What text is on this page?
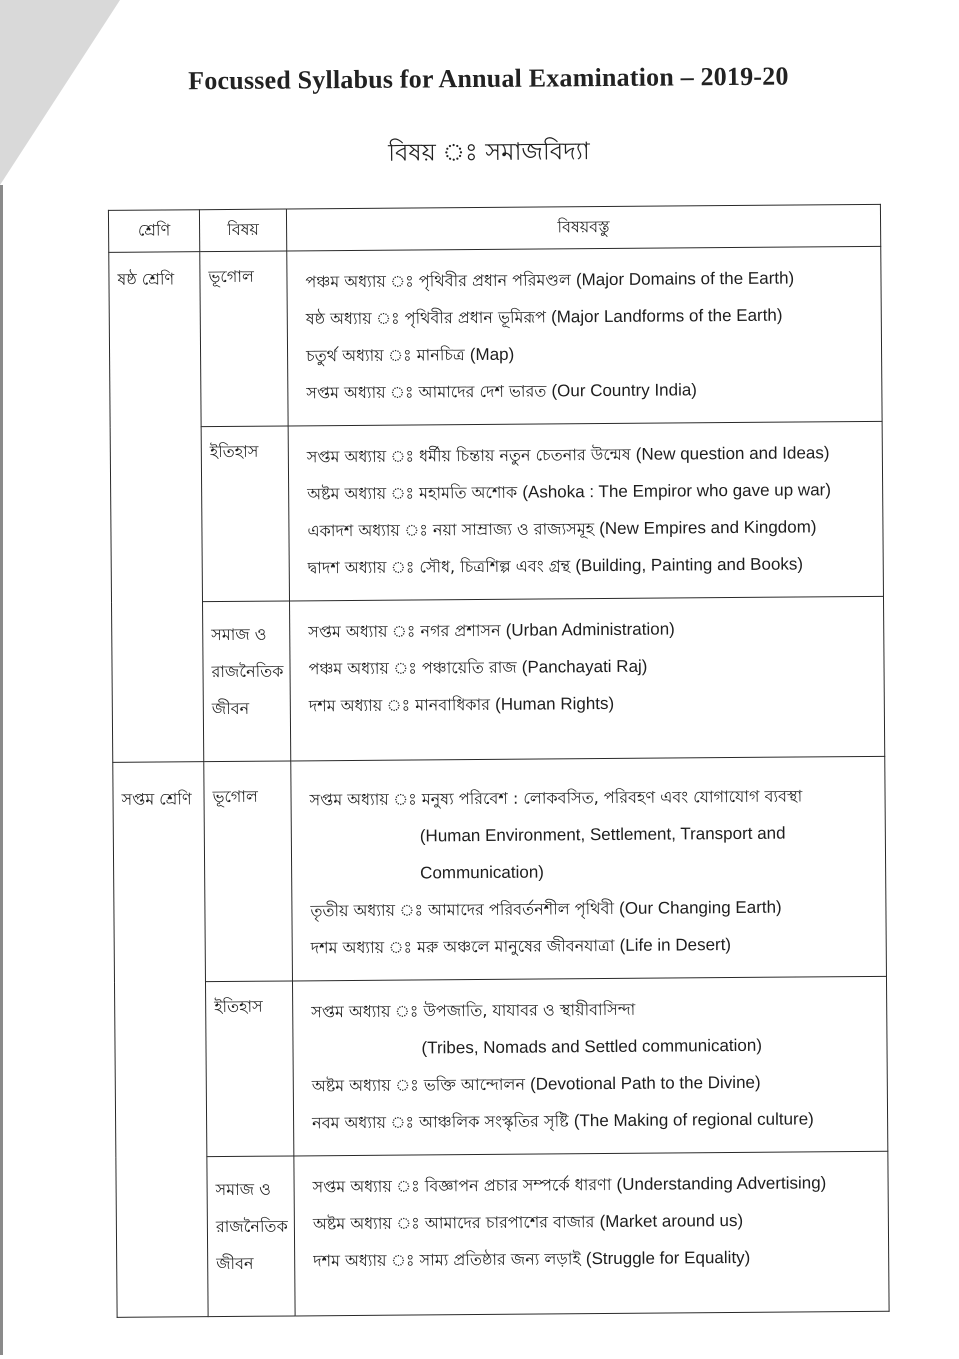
Focussed Syllabus for Annual Examination – 2019-20
বিষয় ঃ সমাজবিদ্যা
শ্রেণি	বিষয়	বিষয়বস্তু
ষষ্ঠ শ্রেণি	ভূগোল	পঞ্চম অধ্যায় ঃ পৃথিবীর প্রধান পরিমণ্ডল (Major Domains of the Earth)
ষষ্ঠ অধ্যায় ঃ পৃথিবীর প্রধান ভূমিরূপ (Major Landforms of the Earth)
চতুর্থ অধ্যায় ঃ মানচিত্র (Map)
সপ্তম অধ্যায় ঃ আমাদের দেশ ভারত (Our Country India)

	ইতিহাস	সপ্তম অধ্যায় ঃ ধর্মীয় চিন্তায় নতুন চেতনার উন্মেষ (New question and Ideas)
অষ্টম অধ্যায় ঃ মহামতি অশোক (Ashoka : The Empiror who gave up war)
একাদশ অধ্যায় ঃ নয়া সাম্রাজ্য ও রাজ্যসমূহ (New Empires and Kingdom)
দ্বাদশ অধ্যায় ঃ সৌধ, চিত্রশিল্প এবং গ্রন্থ (Building, Painting and Books)

	সমাজ ও
রাজনৈতিক
জীবন	সপ্তম অধ্যায় ঃ নগর প্রশাসন (Urban Administration)
পঞ্চম অধ্যায় ঃ পঞ্চায়েতি রাজ (Panchayati Raj)
দশম অধ্যায় ঃ মানবাধিকার (Human Rights)

সপ্তম শ্রেণি	ভূগোল	সপ্তম অধ্যায় ঃ মনুষ্য পরিবেশ : লোকবসিত, পরিবহণ এবং যোগাযোগ ব্যবস্থা
(Human Environment, Settlement, Transport and
Communication)
তৃতীয় অধ্যায় ঃ আমাদের পরিবর্তনশীল পৃথিবী (Our Changing Earth)
দশম অধ্যায় ঃ মরু অঞ্চলে মানুষের জীবনযাত্রা (Life in Desert)

	ইতিহাস	সপ্তম অধ্যায় ঃ উপজাতি, যাযাবর ও স্থায়ীবাসিন্দা
(Tribes, Nomads and Settled communication)
অষ্টম অধ্যায় ঃ ভক্তি আন্দোলন (Devotional Path to the Divine)
নবম অধ্যায় ঃ আঞ্চলিক সংস্কৃতির সৃষ্টি (The Making of regional culture)

	সমাজ ও
রাজনৈতিক
জীবন	সপ্তম অধ্যায় ঃ বিজ্ঞাপন প্রচার সম্পর্কে ধারণা (Understanding Advertising)
অষ্টম অধ্যায় ঃ আমাদের চারপাশের বাজার (Market around us)
দশম অধ্যায় ঃ সাম্য প্রতিষ্ঠার জন্য লড়াই (Struggle for Equality)
